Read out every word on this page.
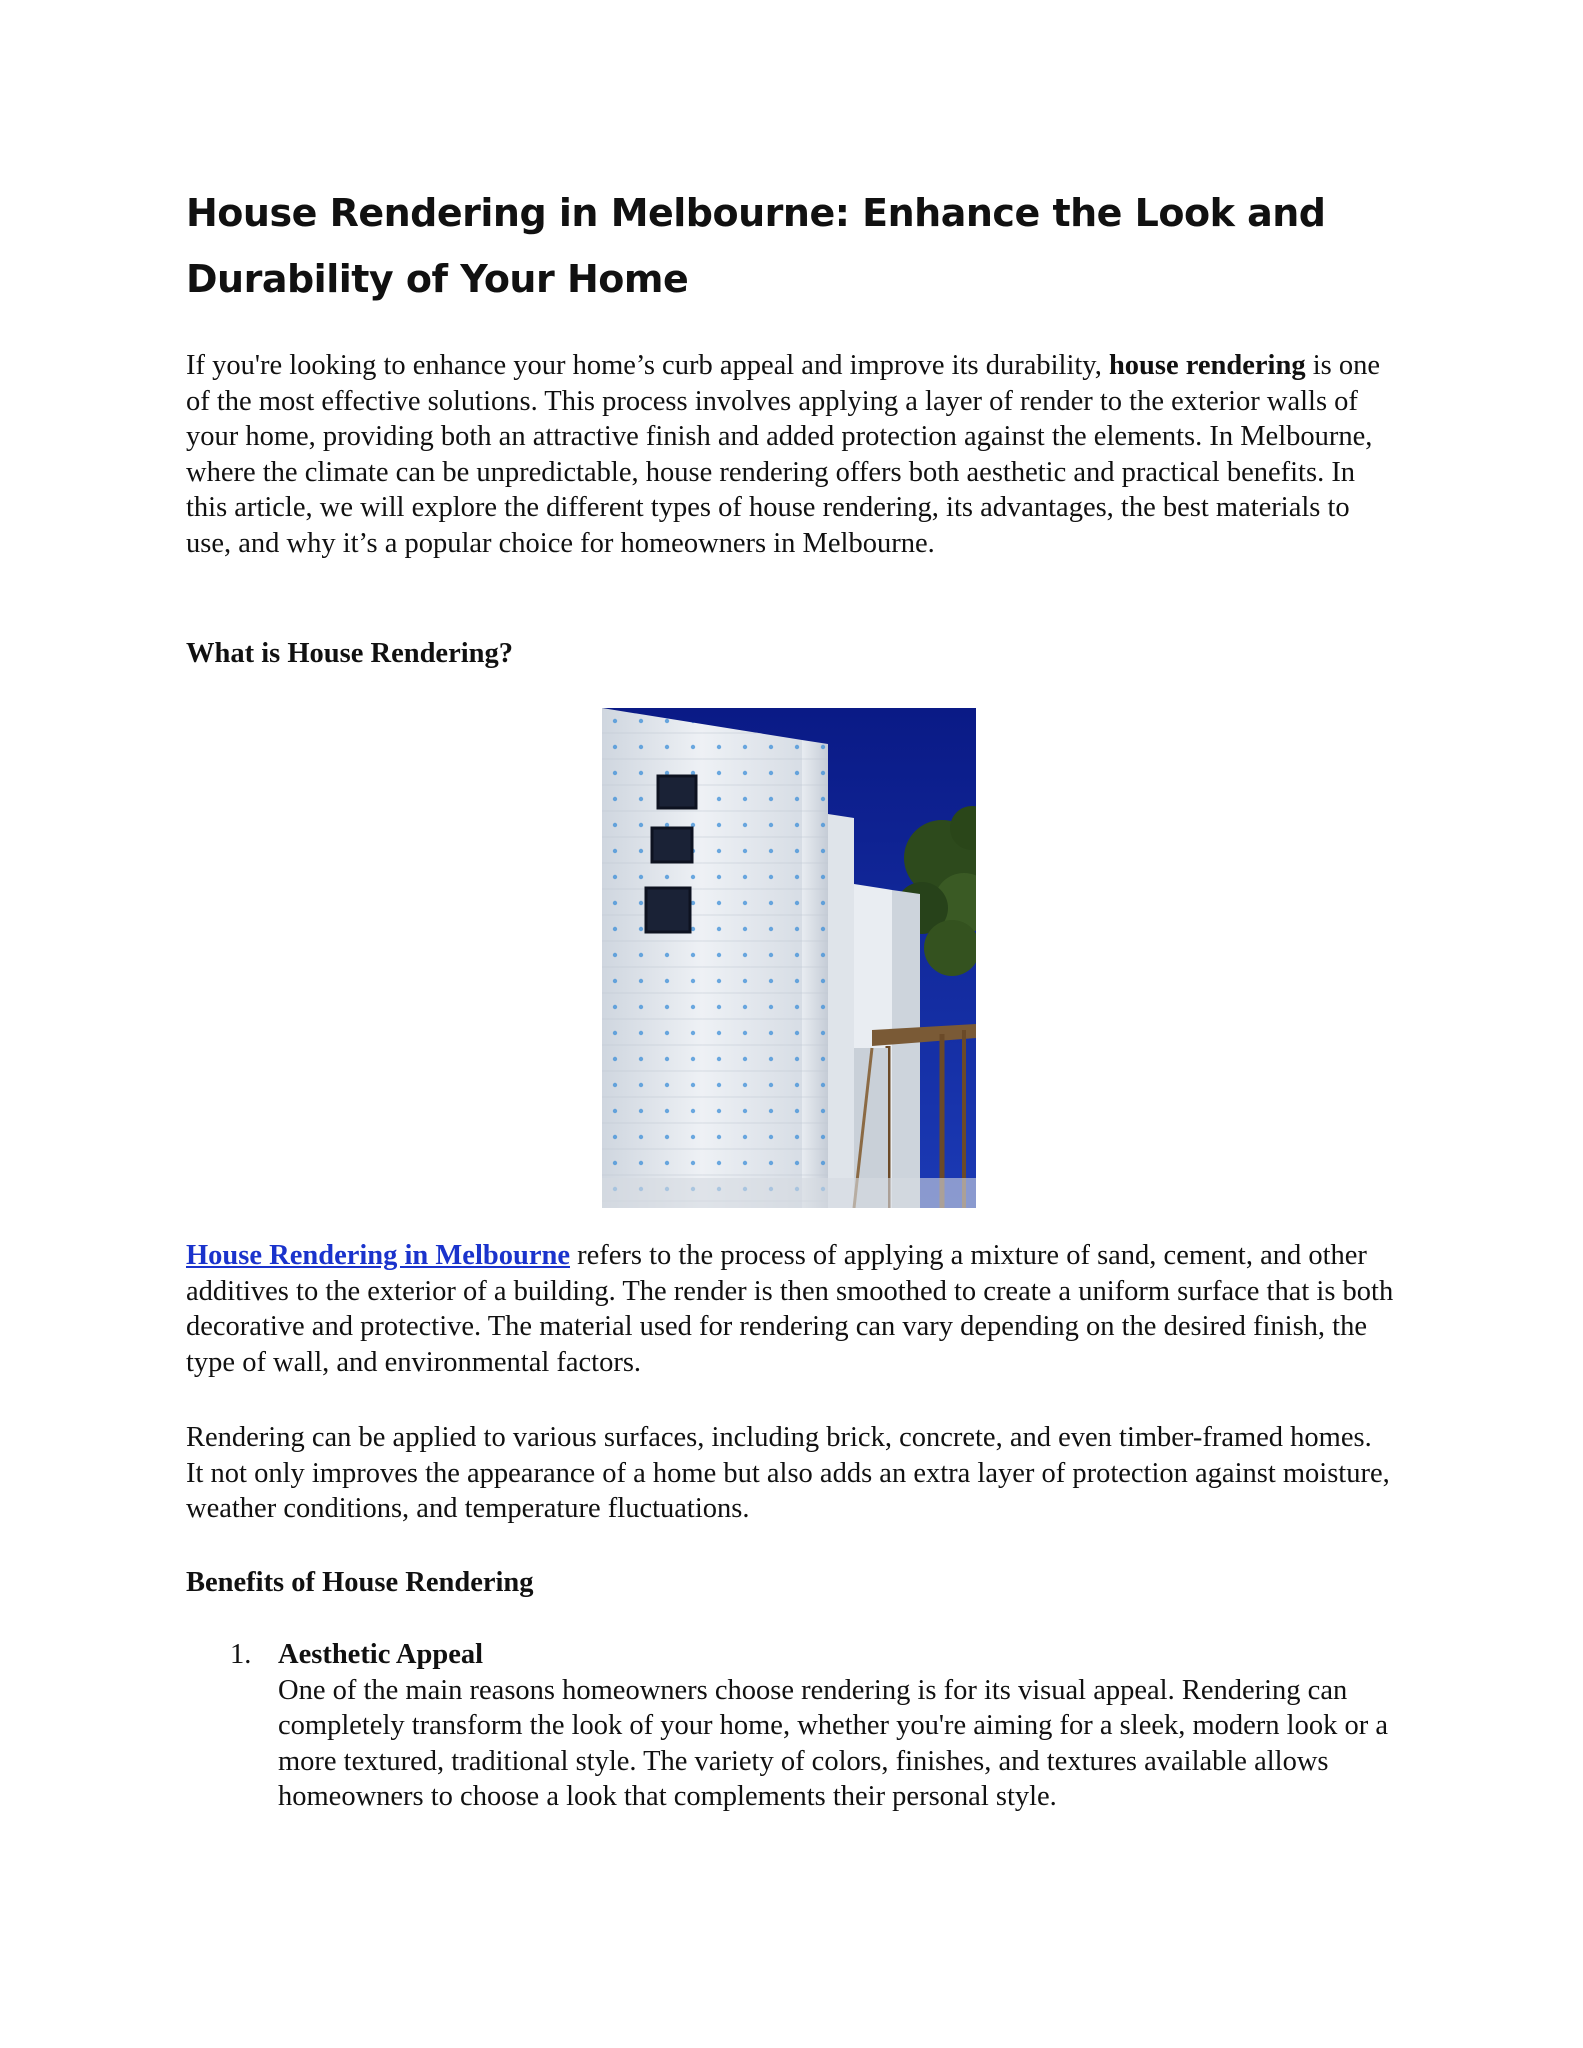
House Rendering in Melbourne: Enhance the Look and Durability of Your Home

If you're looking to enhance your home’s curb appeal and improve its durability, house rendering is one of the most effective solutions. This process involves applying a layer of render to the exterior walls of your home, providing both an attractive finish and added protection against the elements. In Melbourne, where the climate can be unpredictable, house rendering offers both aesthetic and practical benefits. In this article, we will explore the different types of house rendering, its advantages, the best materials to use, and why it’s a popular choice for homeowners in Melbourne.

What is House Rendering?

House Rendering in Melbourne refers to the process of applying a mixture of sand, cement, and other additives to the exterior of a building. The render is then smoothed to create a uniform surface that is both decorative and protective. The material used for rendering can vary depending on the desired finish, the type of wall, and environmental factors.

Rendering can be applied to various surfaces, including brick, concrete, and even timber-framed homes. It not only improves the appearance of a home but also adds an extra layer of protection against moisture, weather conditions, and temperature fluctuations.

Benefits of House Rendering

1. Aesthetic Appeal

One of the main reasons homeowners choose rendering is for its visual appeal. Rendering can completely transform the look of your home, whether you're aiming for a sleek, modern look or a more textured, traditional style. The variety of colors, finishes, and textures available allows homeowners to choose a look that complements their personal style.
